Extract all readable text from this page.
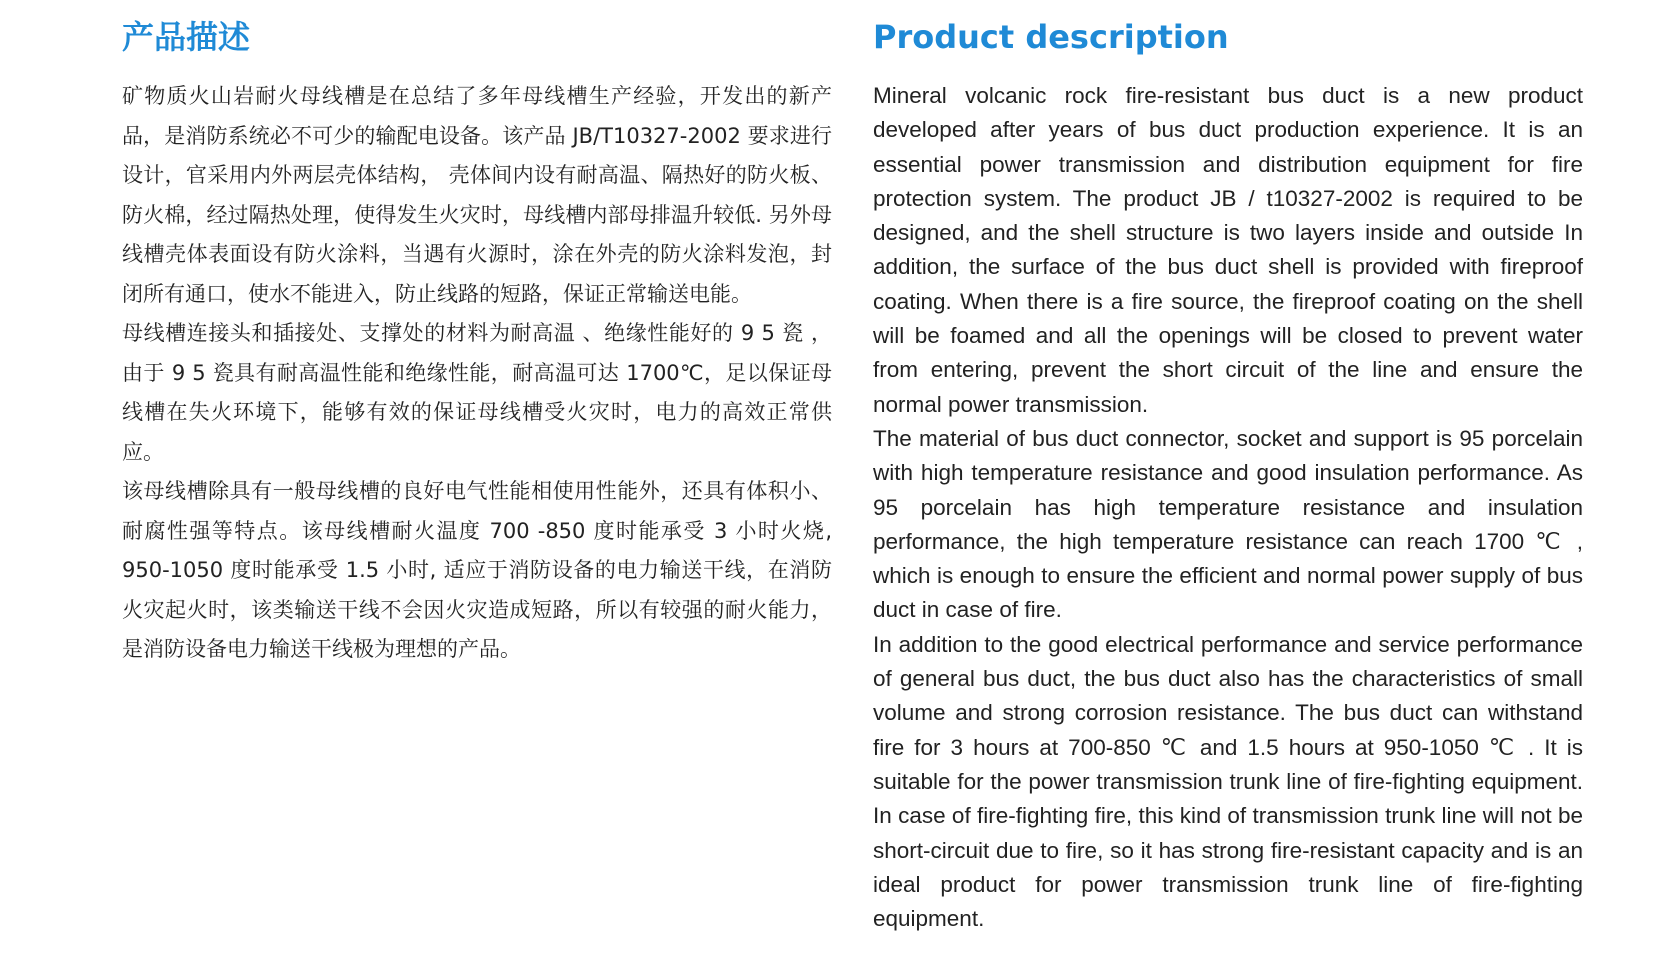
产品描述

矿物质火山岩耐火母线槽是在总结了多年母线槽生产经验，开发出的新产品，是消防系统必不可少的输配电设备。该产品 JB/T10327-2002 要求进行设计，官采用内外两层壳体结构， 壳体间内设有耐高温、隔热好的防火板、防火棉，经过隔热处理，使得发生火灾时，母线槽内部母排温升较低. 另外母线槽壳体表面设有防火涂料，当遇有火源时，涂在外壳的防火涂料发泡，封闭所有通口，使水不能进入，防止线路的短路，保证正常输送电能。

母线槽连接头和插接处、支撑处的材料为耐高温 、绝缘性能好的 9 5 瓷 ，由于 9 5 瓷具有耐高温性能和绝缘性能，耐高温可达 1700℃，足以保证母线槽在失火环境下，能够有效的保证母线槽受火灾时，电力的高效正常供应。

该母线槽除具有一般母线槽的良好电气性能相使用性能外，还具有体积小、耐腐性强等特点。该母线槽耐火温度 700 -850 度时能承受 3 小时火烧, 950-1050 度时能承受 1.5 小时, 适应于消防设备的电力输送干线，在消防火灾起火时，该类输送干线不会因火灾造成短路，所以有较强的耐火能力，是消防设备电力输送干线极为理想的产品。

Product description

Mineral volcanic rock fire-resistant bus duct is a new product developed after years of bus duct production experience. It is an essential power transmission and distribution equipment for fire protection system. The product JB / t10327-2002 is required to be designed, and the shell structure is two layers inside and outside In addition, the surface of the bus duct shell is provided with fireproof coating. When there is a fire source, the fireproof coating on the shell will be foamed and all the openings will be closed to prevent water from entering, prevent the short circuit of the line and ensure the normal power transmission.

The material of bus duct connector, socket and support is 95 porcelain with high temperature resistance and good insulation performance. As 95 porcelain has high temperature resistance and insulation performance, the high temperature resistance can reach 1700 ℃ , which is enough to ensure the efficient and normal power supply of bus duct in case of fire.

In addition to the good electrical performance and service performance of general bus duct, the bus duct also has the characteristics of small volume and strong corrosion resistance. The bus duct can withstand fire for 3 hours at 700-850 ℃ and 1.5 hours at 950-1050 ℃ . It is suitable for the power transmission trunk line of fire-fighting equipment. In case of fire-fighting fire, this kind of transmission trunk line will not be short-circuit due to fire, so it has strong fire-resistant capacity and is an ideal product for power transmission trunk line of fire-fighting equipment.
